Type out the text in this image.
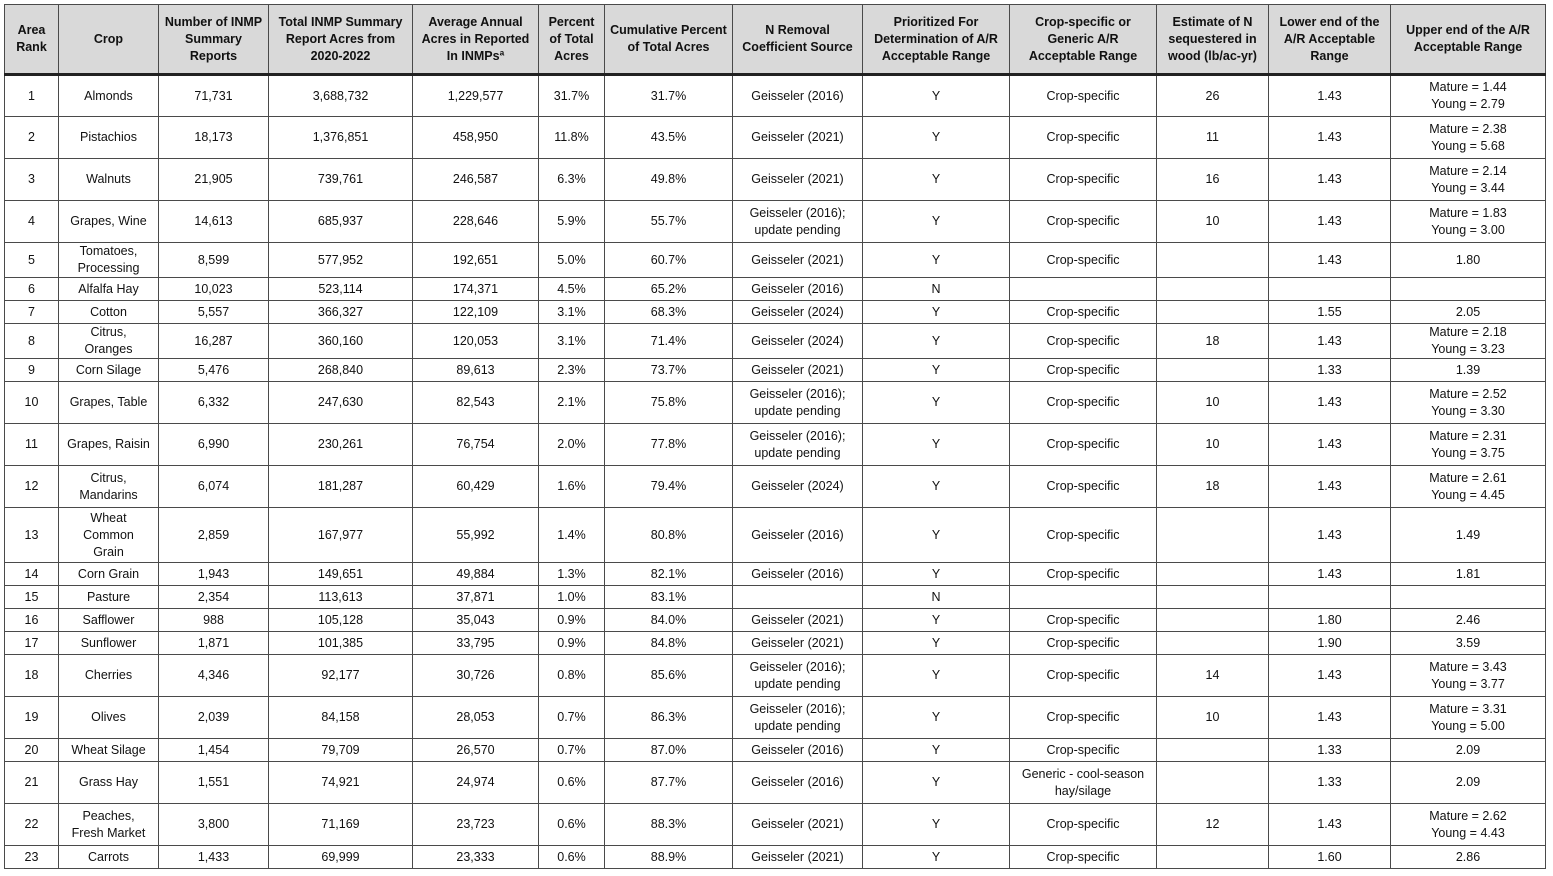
Area Rank	Crop	Number of INMP Summary Reports	Total INMP Summary Report Acres from 2020-2022	Average Annual Acres in Reported In INMPsª	Percent of Total Acres	Cumulative Percent of Total Acres	N Removal Coefficient Source	Prioritized For Determination of A/R Acceptable Range	Crop-specific or Generic A/R Acceptable Range	Estimate of N sequestered in wood (lb/ac-yr)	Lower end of the A/R Acceptable Range	Upper end of the A/R Acceptable Range
1	Almonds	71,731	3,688,732	1,229,577	31.7%	31.7%	Geisseler (2016)	Y	Crop-specific	26	1.43	Mature = 1.44
Young = 2.79
2	Pistachios	18,173	1,376,851	458,950	11.8%	43.5%	Geisseler (2021)	Y	Crop-specific	11	1.43	Mature = 2.38
Young = 5.68
3	Walnuts	21,905	739,761	246,587	6.3%	49.8%	Geisseler (2021)	Y	Crop-specific	16	1.43	Mature = 2.14
Young = 3.44
4	Grapes, Wine	14,613	685,937	228,646	5.9%	55.7%	Geisseler (2016);
update pending	Y	Crop-specific	10	1.43	Mature = 1.83
Young = 3.00
5	Tomatoes,
Processing	8,599	577,952	192,651	5.0%	60.7%	Geisseler (2021)	Y	Crop-specific		1.43	1.80
6	Alfalfa Hay	10,023	523,114	174,371	4.5%	65.2%	Geisseler (2016)	N				
7	Cotton	5,557	366,327	122,109	3.1%	68.3%	Geisseler (2024)	Y	Crop-specific		1.55	2.05
8	Citrus,
Oranges	16,287	360,160	120,053	3.1%	71.4%	Geisseler (2024)	Y	Crop-specific	18	1.43	Mature = 2.18
Young = 3.23
9	Corn Silage	5,476	268,840	89,613	2.3%	73.7%	Geisseler (2021)	Y	Crop-specific		1.33	1.39
10	Grapes, Table	6,332	247,630	82,543	2.1%	75.8%	Geisseler (2016);
update pending	Y	Crop-specific	10	1.43	Mature = 2.52
Young = 3.30
11	Grapes, Raisin	6,990	230,261	76,754	2.0%	77.8%	Geisseler (2016);
update pending	Y	Crop-specific	10	1.43	Mature = 2.31
Young = 3.75
12	Citrus,
Mandarins	6,074	181,287	60,429	1.6%	79.4%	Geisseler (2024)	Y	Crop-specific	18	1.43	Mature = 2.61
Young = 4.45
13	Wheat
Common
Grain	2,859	167,977	55,992	1.4%	80.8%	Geisseler (2016)	Y	Crop-specific		1.43	1.49
14	Corn Grain	1,943	149,651	49,884	1.3%	82.1%	Geisseler (2016)	Y	Crop-specific		1.43	1.81
15	Pasture	2,354	113,613	37,871	1.0%	83.1%		N				
16	Safflower	988	105,128	35,043	0.9%	84.0%	Geisseler (2021)	Y	Crop-specific		1.80	2.46
17	Sunflower	1,871	101,385	33,795	0.9%	84.8%	Geisseler (2021)	Y	Crop-specific		1.90	3.59
18	Cherries	4,346	92,177	30,726	0.8%	85.6%	Geisseler (2016);
update pending	Y	Crop-specific	14	1.43	Mature = 3.43
Young = 3.77
19	Olives	2,039	84,158	28,053	0.7%	86.3%	Geisseler (2016);
update pending	Y	Crop-specific	10	1.43	Mature = 3.31
Young = 5.00
20	Wheat Silage	1,454	79,709	26,570	0.7%	87.0%	Geisseler (2016)	Y	Crop-specific		1.33	2.09
21	Grass Hay	1,551	74,921	24,974	0.6%	87.7%	Geisseler (2016)	Y	Generic - cool-season
hay/silage		1.33	2.09
22	Peaches,
Fresh Market	3,800	71,169	23,723	0.6%	88.3%	Geisseler (2021)	Y	Crop-specific	12	1.43	Mature = 2.62
Young = 4.43
23	Carrots	1,433	69,999	23,333	0.6%	88.9%	Geisseler (2021)	Y	Crop-specific		1.60	2.86
